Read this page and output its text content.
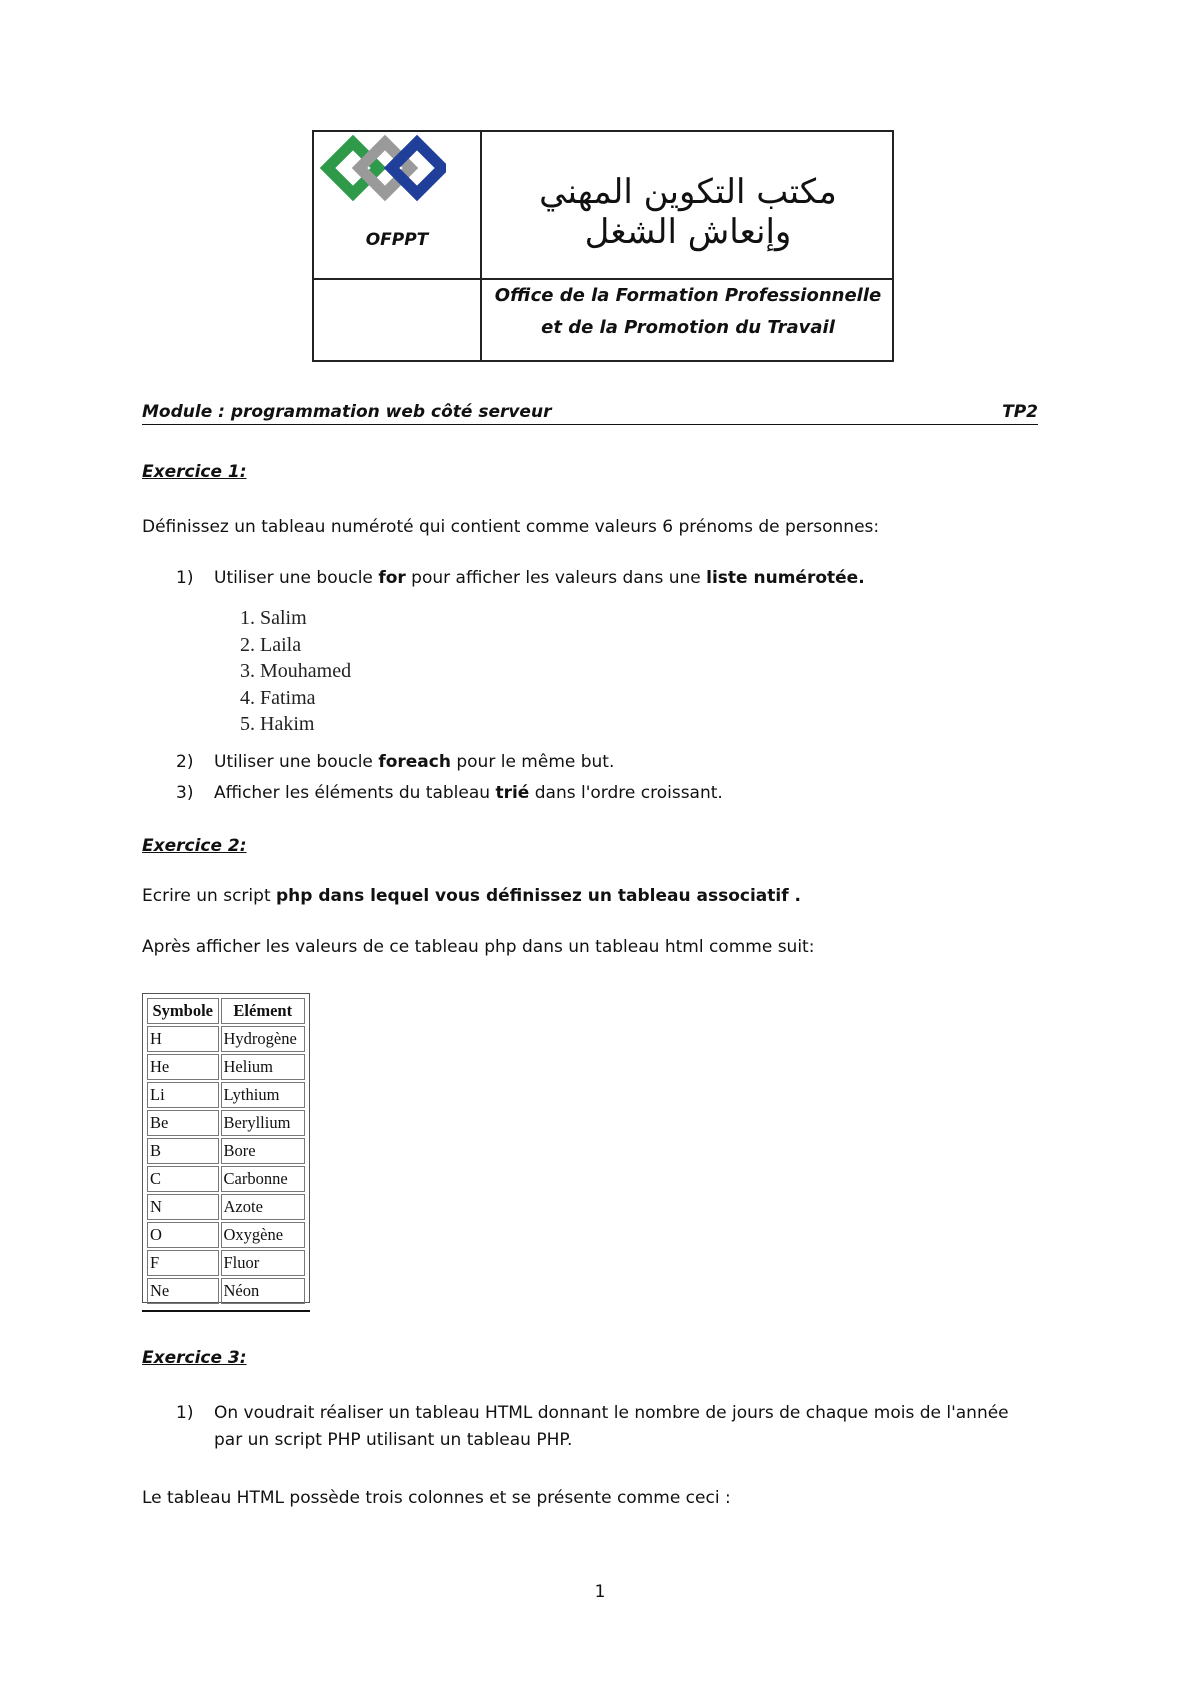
OFPPT
مكتب التكوين المهني وإنعاش الشغل
Office de la Formation Professionnelle
et de la Promotion du Travail
Module : programmation web côté serveur	TP2
Exercice 1:
Définissez un tableau numéroté qui contient comme valeurs 6 prénoms de personnes:
1) Utiliser une boucle for pour afficher les valeurs dans une liste numérotée.
1. Salim
2. Laila
3. Mouhamed
4. Fatima
5. Hakim
2) Utiliser une boucle foreach pour le même but.
3) Afficher les éléments du tableau trié dans l'ordre croissant.
Exercice 2:
Ecrire un script php dans lequel vous définissez un tableau associatif .
Après afficher les valeurs de ce tableau php dans un tableau html comme suit:
Symbole	Elément
H	Hydrogène
He	Helium
Li	Lythium
Be	Beryllium
B	Bore
C	Carbonne
N	Azote
O	Oxygène
F	Fluor
Ne	Néon
Exercice 3:
1) On voudrait réaliser un tableau HTML donnant le nombre de jours de chaque mois de l'année
par un script PHP utilisant un tableau PHP.
Le tableau HTML possède trois colonnes et se présente comme ceci :
1
